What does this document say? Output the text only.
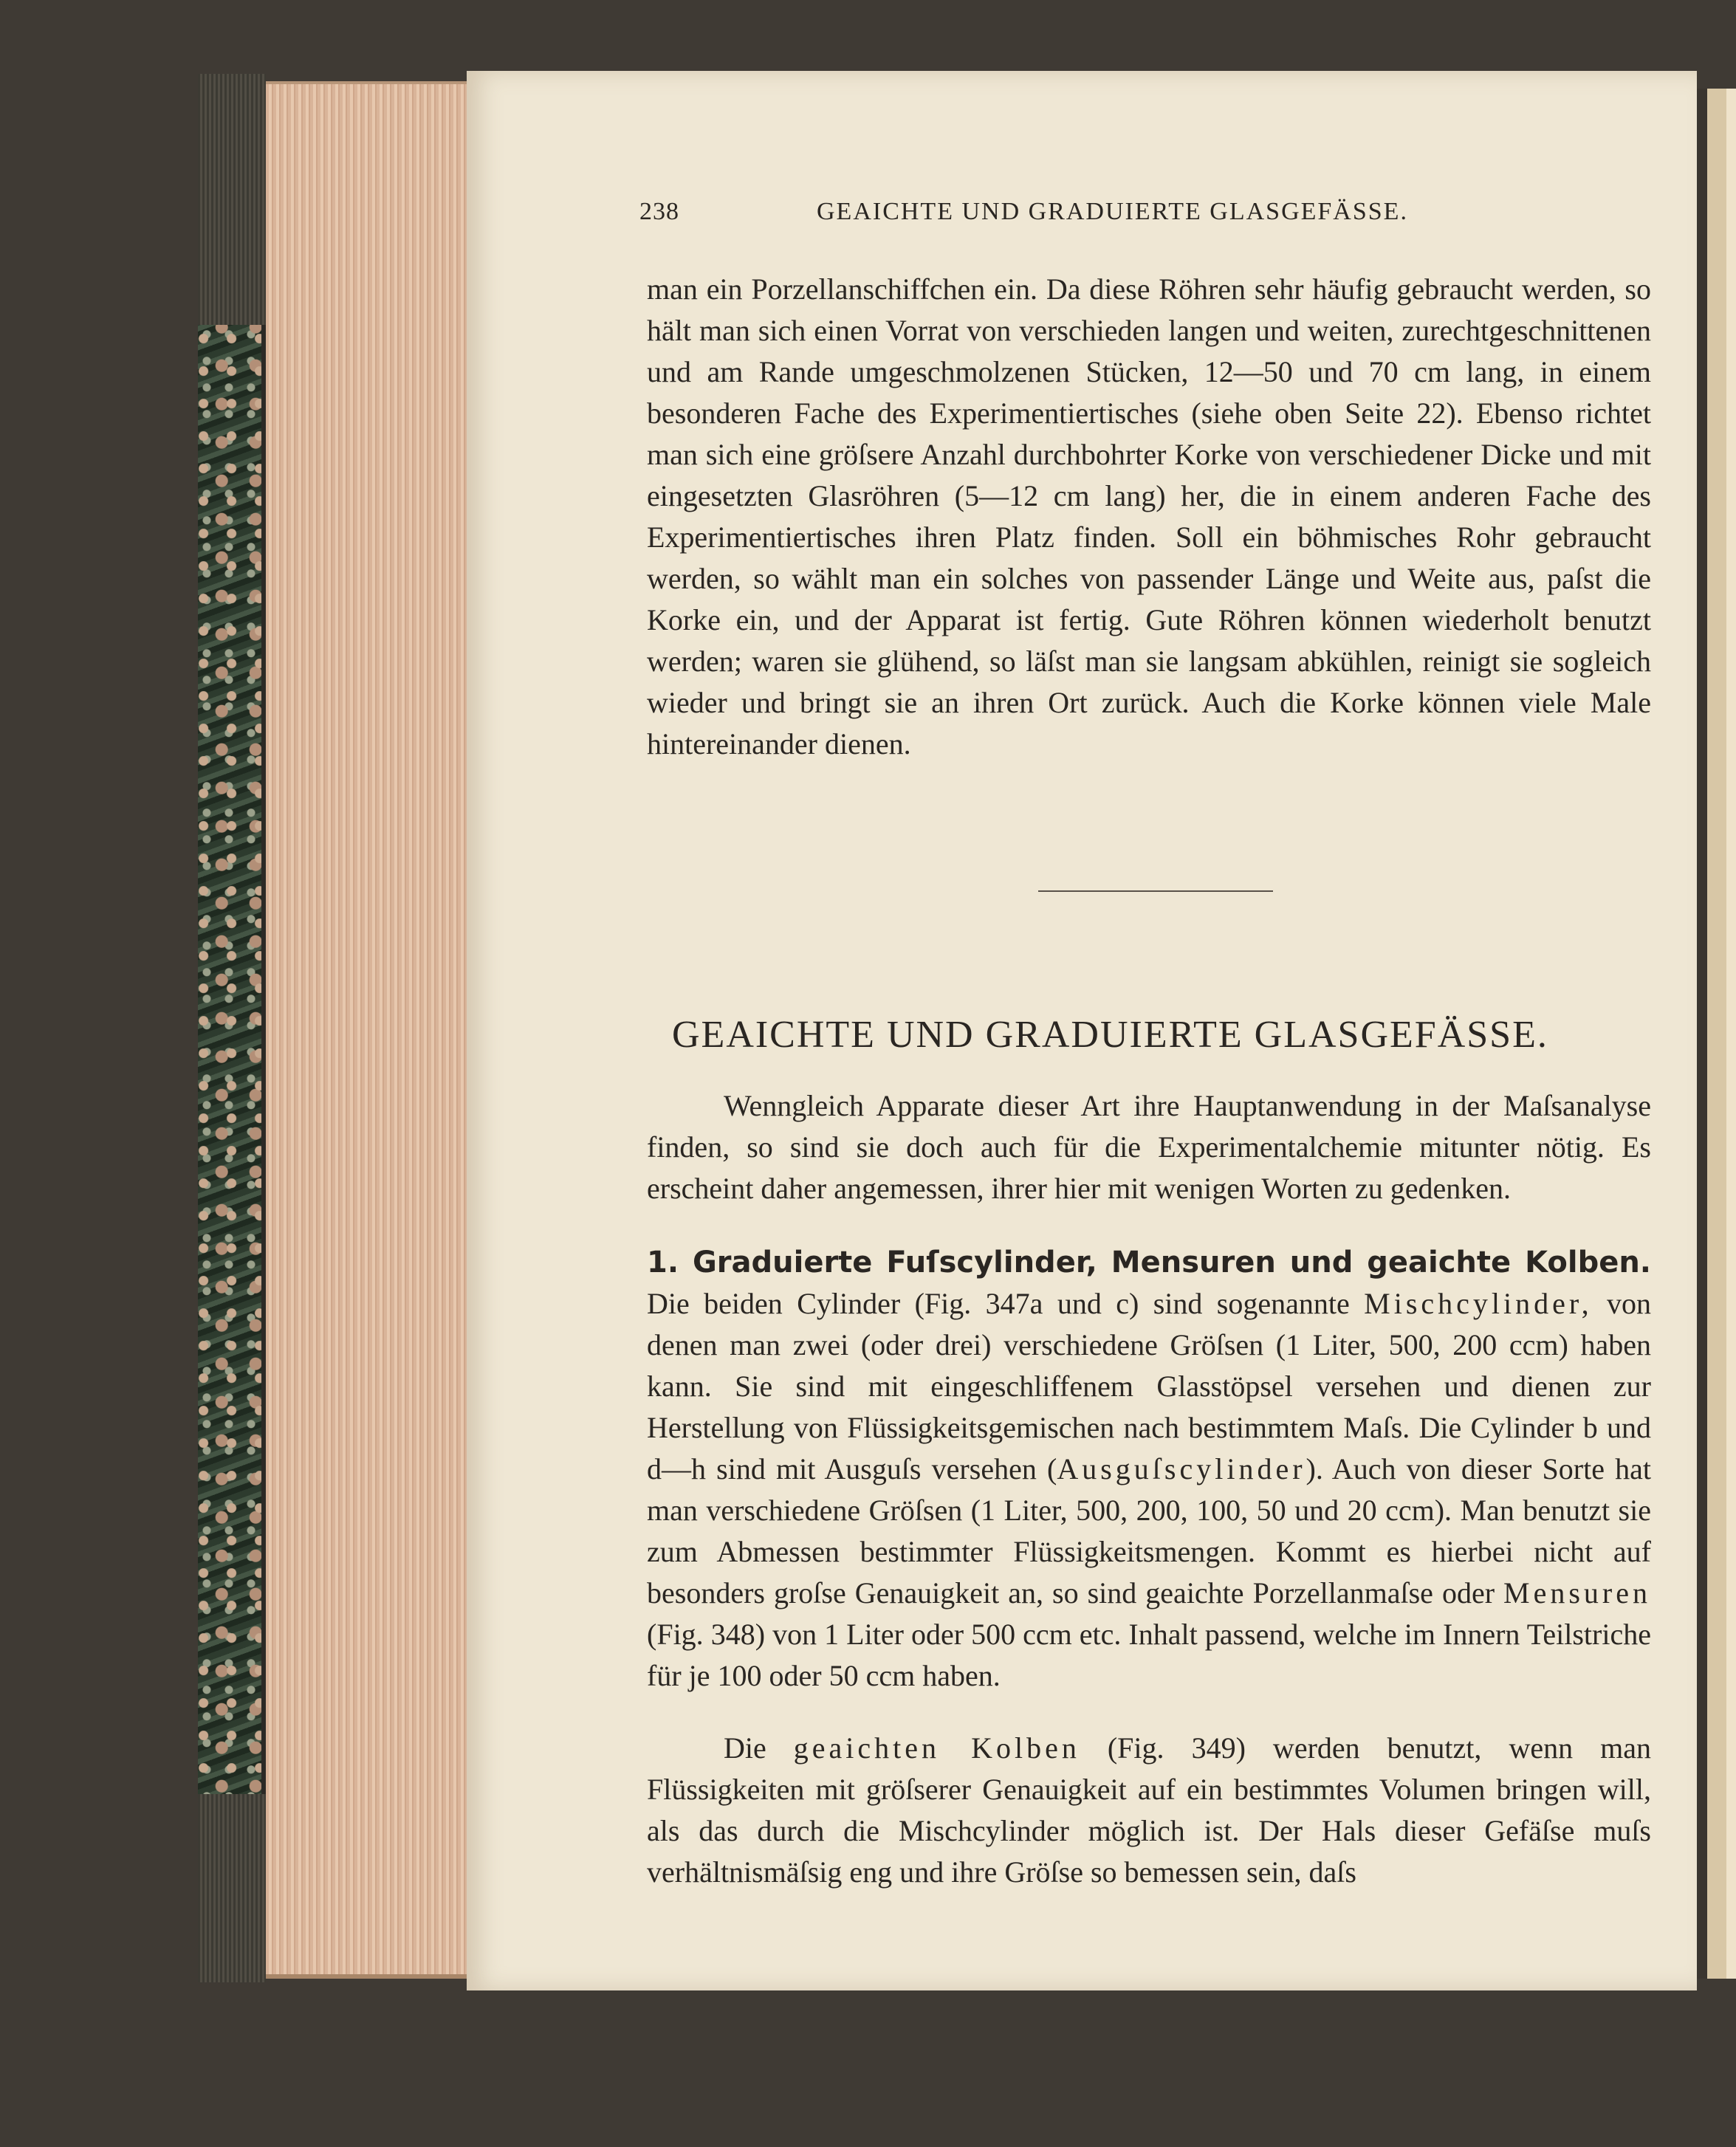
238	GEAICHTE UND GRADUIERTE GLASGEFÄSSE.
man ein Porzellanschiffchen ein. Da diese Röhren sehr häufig gebraucht werden, so hält man sich einen Vorrat von verschieden langen und weiten, zurechtgeschnittenen und am Rande umgeschmolzenen Stücken, 12—50 und 70 cm lang, in einem besonderen Fache des Experimentiertisches (siehe oben Seite 22). Ebenso richtet man sich eine gröſsere Anzahl durchbohrter Korke von verschiedener Dicke und mit eingesetzten Glasröhren (5—12 cm lang) her, die in einem anderen Fache des Experimentiertisches ihren Platz finden. Soll ein böhmisches Rohr gebraucht werden, so wählt man ein solches von passender Länge und Weite aus, paſst die Korke ein, und der Apparat ist fertig. Gute Röhren können wiederholt benutzt werden; waren sie glühend, so läſst man sie langsam abkühlen, reinigt sie sogleich wieder und bringt sie an ihren Ort zurück. Auch die Korke können viele Male hintereinander dienen.
GEAICHTE UND GRADUIERTE GLASGEFÄSSE.
Wenngleich Apparate dieser Art ihre Hauptanwendung in der Maſsanalyse finden, so sind sie doch auch für die Experimentalchemie mitunter nötig. Es erscheint daher angemessen, ihrer hier mit wenigen Worten zu gedenken.
1. Graduierte Fuſscylinder, Mensuren und geaichte Kolben. Die beiden Cylinder (Fig. 347a und c) sind sogenannte Mischcylinder, von denen man zwei (oder drei) verschiedene Gröſsen (1 Liter, 500, 200 ccm) haben kann. Sie sind mit eingeschliffenem Glasstöpsel versehen und dienen zur Herstellung von Flüssigkeitsgemischen nach bestimmtem Maſs. Die Cylinder b und d—h sind mit Ausguſs versehen (Ausguſscylinder). Auch von dieser Sorte hat man verschiedene Gröſsen (1 Liter, 500, 200, 100, 50 und 20 ccm). Man benutzt sie zum Abmessen bestimmter Flüssigkeitsmengen. Kommt es hierbei nicht auf besonders groſse Genauigkeit an, so sind geaichte Porzellanmaſse oder Mensuren (Fig. 348) von 1 Liter oder 500 ccm etc. Inhalt passend, welche im Innern Teilstriche für je 100 oder 50 ccm haben.
Die geaichten Kolben (Fig. 349) werden benutzt, wenn man Flüssigkeiten mit gröſserer Genauigkeit auf ein bestimmtes Volumen bringen will, als das durch die Mischcylinder möglich ist. Der Hals dieser Gefäſse muſs verhältnismäſsig eng und ihre Gröſse so bemessen sein, daſs
